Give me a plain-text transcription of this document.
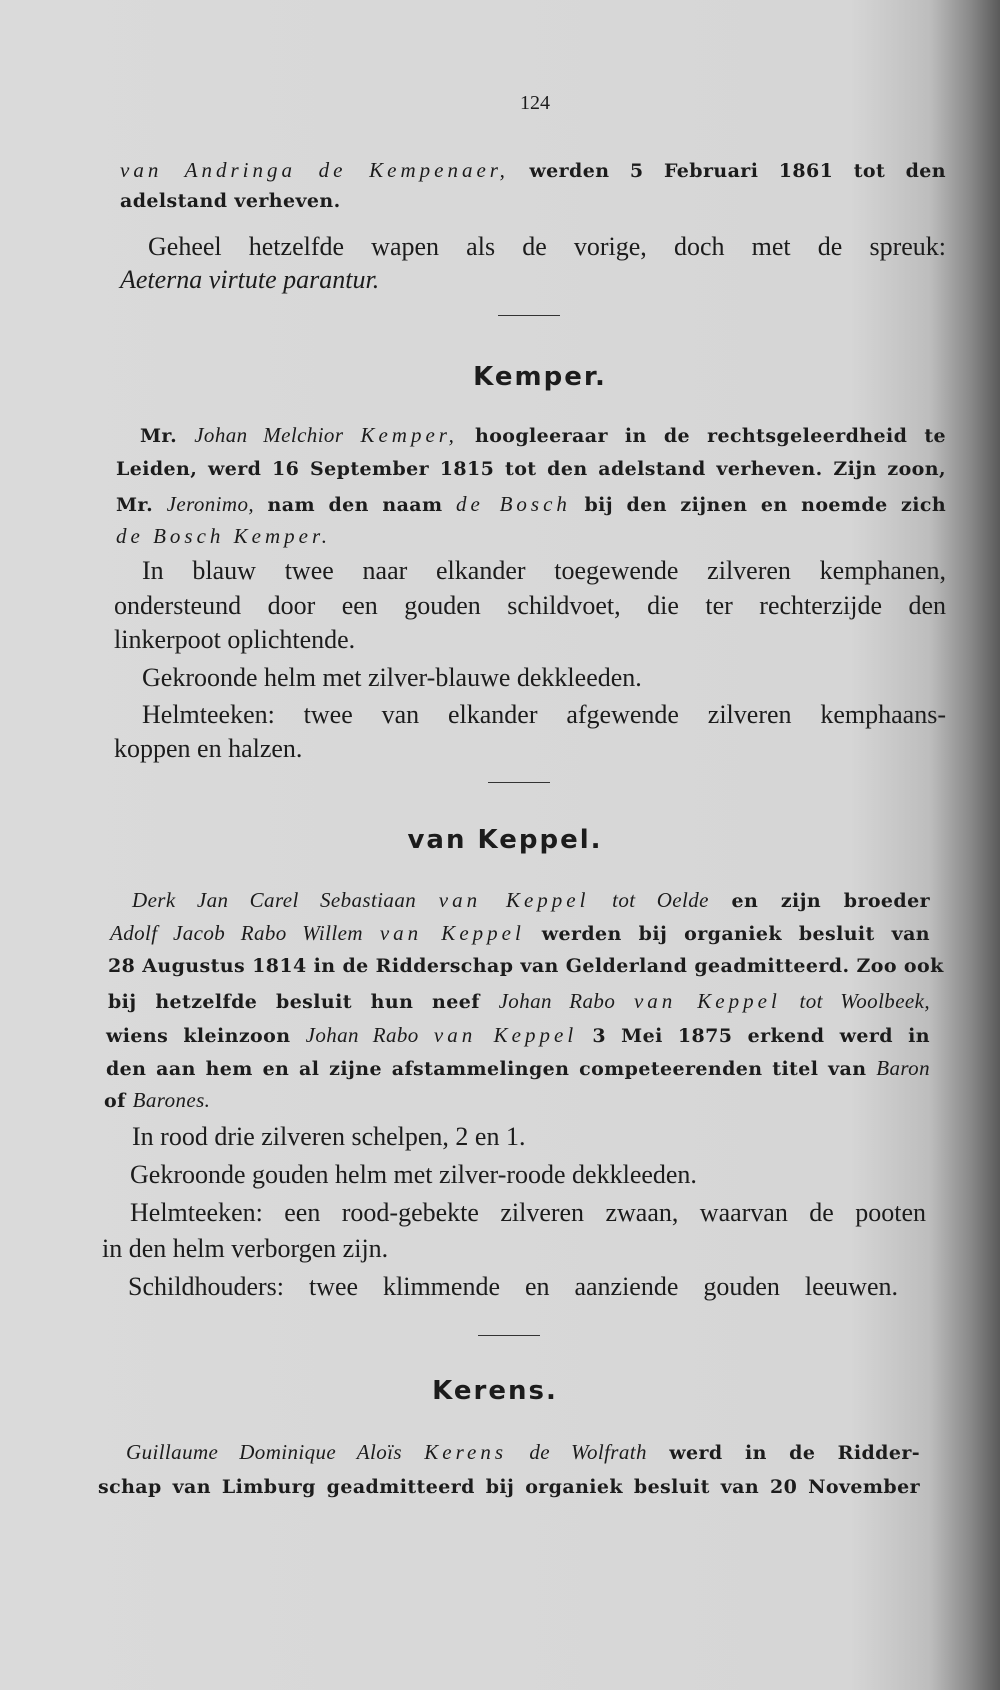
124
van Andringa de Kempenaer, werden 5 Februari 1861 tot den
adelstand verheven.
Geheel hetzelfde wapen als de vorige, doch met de spreuk:
Aeterna virtute parantur.
Kemper.
Mr. Johan Melchior Kemper, hoogleeraar in de rechtsgeleerdheid te
Leiden, werd 16 September 1815 tot den adelstand verheven. Zijn zoon,
Mr. Jeronimo, nam den naam de Bosch bij den zijnen en noemde zich
de Bosch Kemper.
In blauw twee naar elkander toegewende zilveren kemphanen,
ondersteund door een gouden schildvoet, die ter rechterzijde den
linkerpoot oplichtende.
Gekroonde helm met zilver-blauwe dekkleeden.
Helmteeken: twee van elkander afgewende zilveren kemphaans-
koppen en halzen.
van Keppel.
Derk Jan Carel Sebastiaan van Keppel tot Oelde en zijn broeder
Adolf Jacob Rabo Willem van Keppel werden bij organiek besluit van
28 Augustus 1814 in de Ridderschap van Gelderland geadmitteerd. Zoo ook
bij hetzelfde besluit hun neef Johan Rabo van Keppel tot Woolbeek,
wiens kleinzoon Johan Rabo van Keppel 3 Mei 1875 erkend werd in
den aan hem en al zijne afstammelingen competeerenden titel van Baron
of Barones.
In rood drie zilveren schelpen, 2 en 1.
Gekroonde gouden helm met zilver-roode dekkleeden.
Helmteeken: een rood-gebekte zilveren zwaan, waarvan de pooten
in den helm verborgen zijn.
Schildhouders: twee klimmende en aanziende gouden leeuwen.
Kerens.
Guillaume Dominique Aloïs Kerens de Wolfrath werd in de Ridder-
schap van Limburg geadmitteerd bij organiek besluit van 20 November
